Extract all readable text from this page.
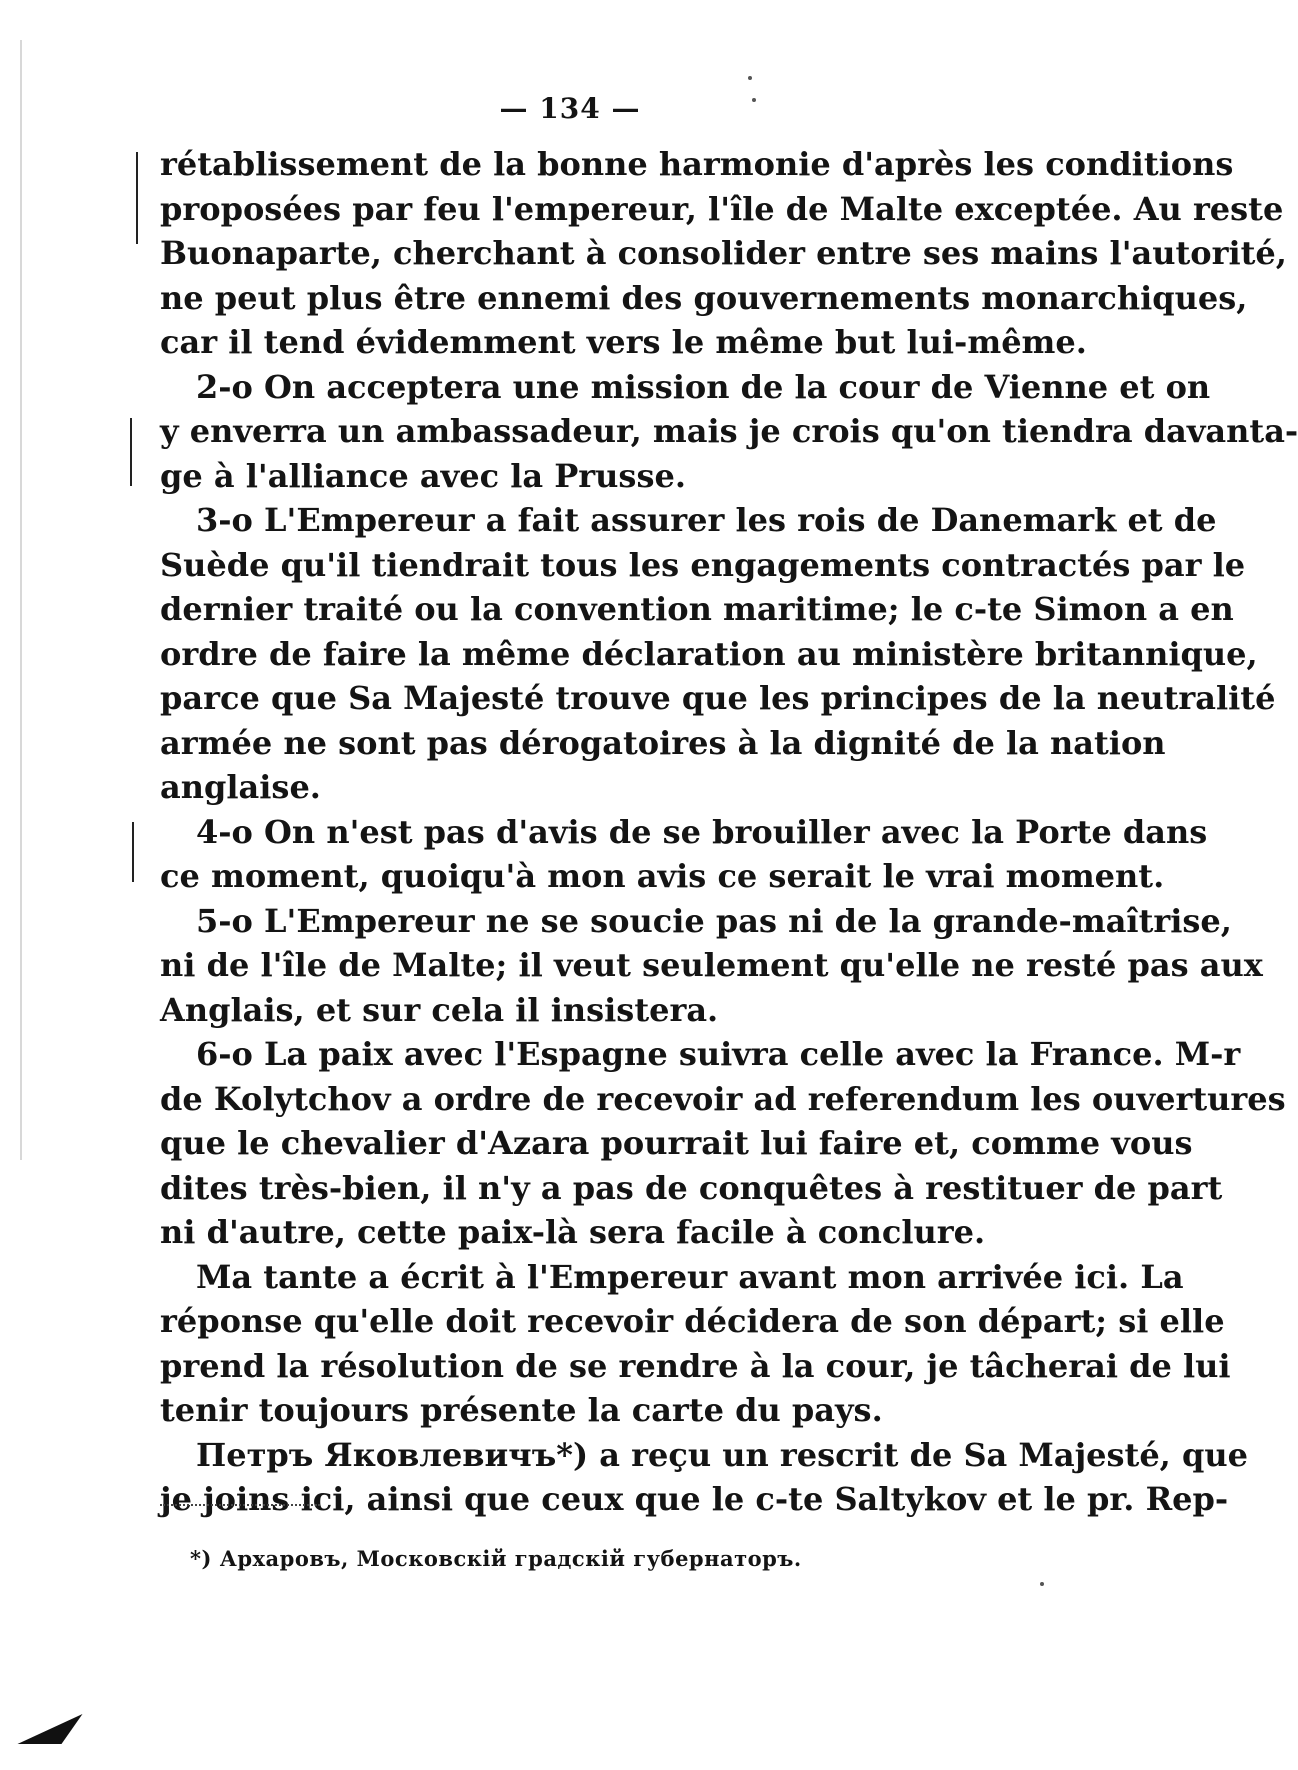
— 134 —
rétablissement de la bonne harmonie d'après les conditions
proposées par feu l'empereur, l'île de Malte exceptée. Au reste
Buonaparte, cherchant à consolider entre ses mains l'autorité,
ne peut plus être ennemi des gouvernements monarchiques,
car il tend évidemment vers le même but lui-même.
2-o On acceptera une mission de la cour de Vienne et on
y enverra un ambassadeur, mais je crois qu'on tiendra davanta-
ge à l'alliance avec la Prusse.
3-o L'Empereur a fait assurer les rois de Danemark et de
Suède qu'il tiendrait tous les engagements contractés par le
dernier traité ou la convention maritime; le c-te Simon a en
ordre de faire la même déclaration au ministère britannique,
parce que Sa Majesté trouve que les principes de la neutralité
armée ne sont pas dérogatoires à la dignité de la nation
anglaise.
4-o On n'est pas d'avis de se brouiller avec la Porte dans
ce moment, quoiqu'à mon avis ce serait le vrai moment.
5-o L'Empereur ne se soucie pas ni de la grande-maîtrise,
ni de l'île de Malte; il veut seulement qu'elle ne resté pas aux
Anglais, et sur cela il insistera.
6-o La paix avec l'Espagne suivra celle avec la France. M-r
de Kolytchov a ordre de recevoir ad referendum les ouvertures
que le chevalier d'Azara pourrait lui faire et, comme vous
dites très-bien, il n'y a pas de conquêtes à restituer de part
ni d'autre, cette paix-là sera facile à conclure.
Ma tante a écrit à l'Empereur avant mon arrivée ici. La
réponse qu'elle doit recevoir décidera de son départ; si elle
prend la résolution de se rendre à la cour, je tâcherai de lui
tenir toujours présente la carte du pays.
Петръ Яковлевичъ*) a reçu un rescrit de Sa Majesté, que
je joins ici, ainsi que ceux que le c-te Saltykov et le pr. Rep-
*) Архаровъ, Московскій градскій губернаторъ.
